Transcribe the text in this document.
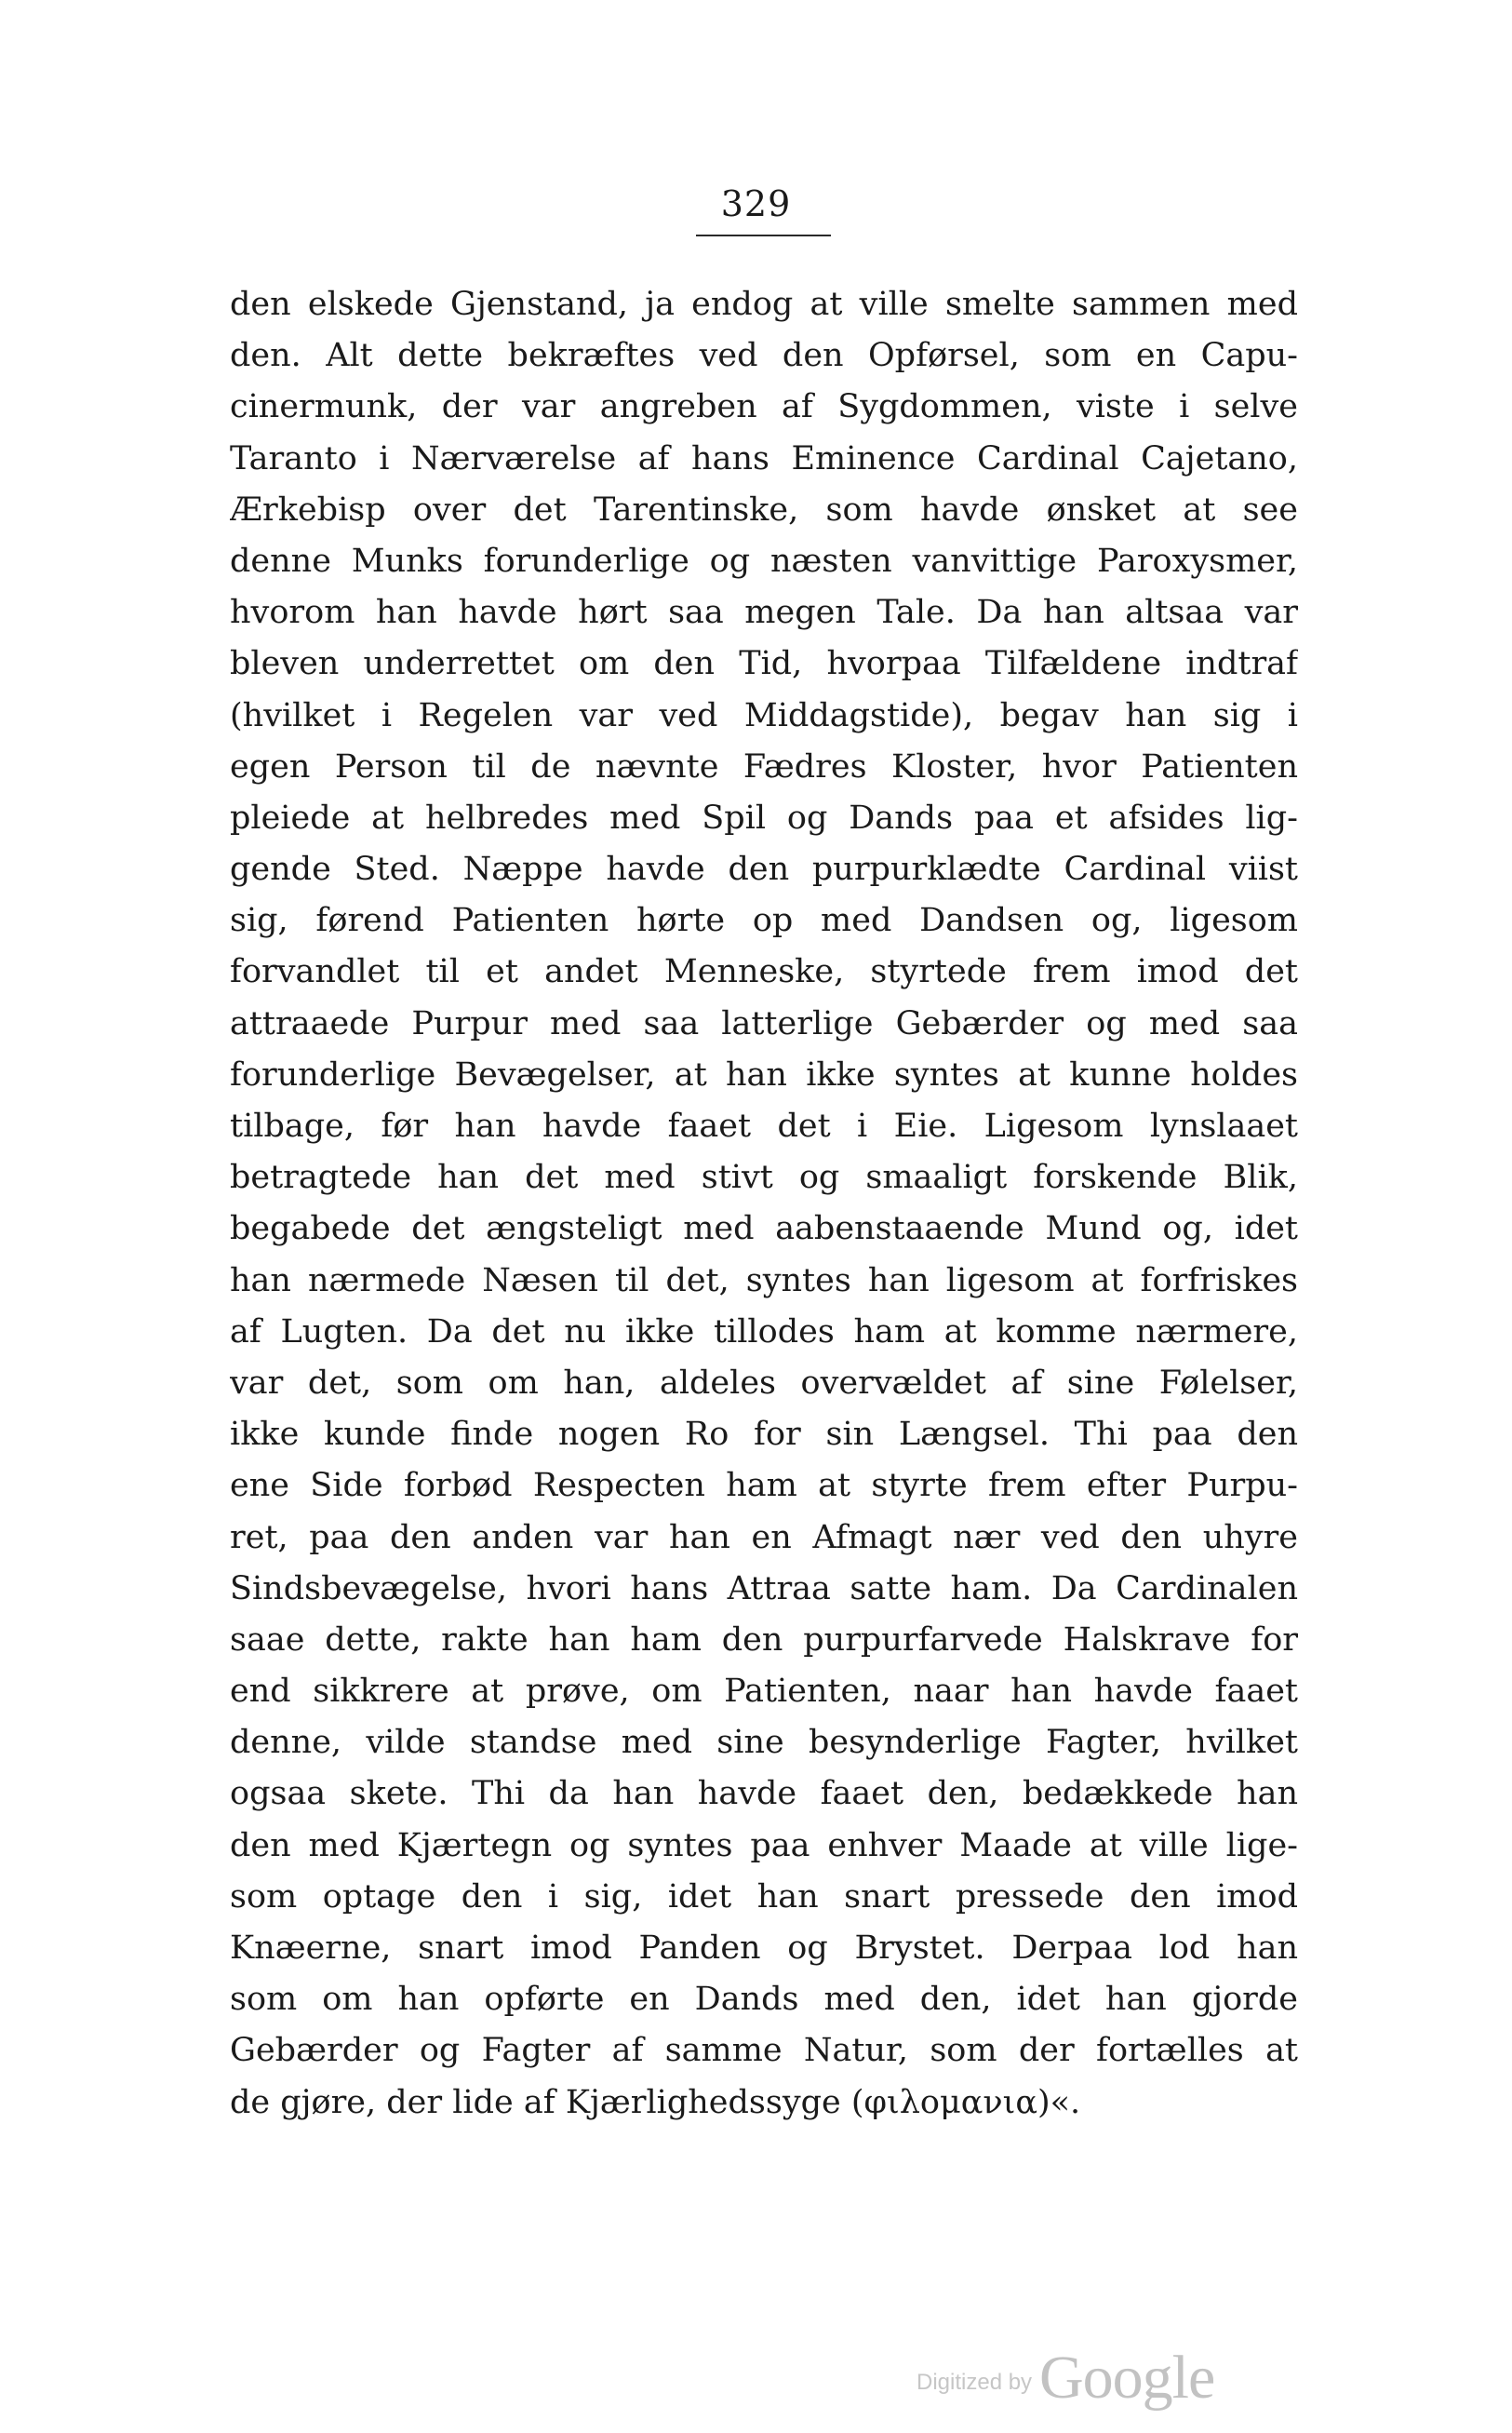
329
den elskede Gjenstand, ja endog at ville smelte sammen med
den. Alt dette bekræftes ved den Opførsel, som en Capu-
cinermunk, der var angreben af Sygdommen, viste i selve
Taranto i Nærværelse af hans Eminence Cardinal Cajetano,
Ærkebisp over det Tarentinske, som havde ønsket at see
denne Munks forunderlige og næsten vanvittige Paroxysmer,
hvorom han havde hørt saa megen Tale. Da han altsaa var
bleven underrettet om den Tid, hvorpaa Tilfældene indtraf
(hvilket i Regelen var ved Middagstide), begav han sig i
egen Person til de nævnte Fædres Kloster, hvor Patienten
pleiede at helbredes med Spil og Dands paa et afsides lig-
gende Sted. Næppe havde den purpurklædte Cardinal viist
sig, førend Patienten hørte op med Dandsen og, ligesom
forvandlet til et andet Menneske, styrtede frem imod det
attraaede Purpur med saa latterlige Gebærder og med saa
forunderlige Bevægelser, at han ikke syntes at kunne holdes
tilbage, før han havde faaet det i Eie. Ligesom lynslaaet
betragtede han det med stivt og smaaligt forskende Blik,
begabede det ængsteligt med aabenstaaende Mund og, idet
han nærmede Næsen til det, syntes han ligesom at forfriskes
af Lugten. Da det nu ikke tillodes ham at komme nærmere,
var det, som om han, aldeles overvældet af sine Følelser,
ikke kunde finde nogen Ro for sin Længsel. Thi paa den
ene Side forbød Respecten ham at styrte frem efter Purpu-
ret, paa den anden var han en Afmagt nær ved den uhyre
Sindsbevægelse, hvori hans Attraa satte ham. Da Cardinalen
saae dette, rakte han ham den purpurfarvede Halskrave for
end sikkrere at prøve, om Patienten, naar han havde faaet
denne, vilde standse med sine besynderlige Fagter, hvilket
ogsaa skete. Thi da han havde faaet den, bedækkede han
den med Kjærtegn og syntes paa enhver Maade at ville lige-
som optage den i sig, idet han snart pressede den imod
Knæerne, snart imod Panden og Brystet. Derpaa lod han
som om han opførte en Dands med den, idet han gjorde
Gebærder og Fagter af samme Natur, som der fortælles at
de gjøre, der lide af Kjærlighedssyge (φιλομανια)«.
Digitized by Google
